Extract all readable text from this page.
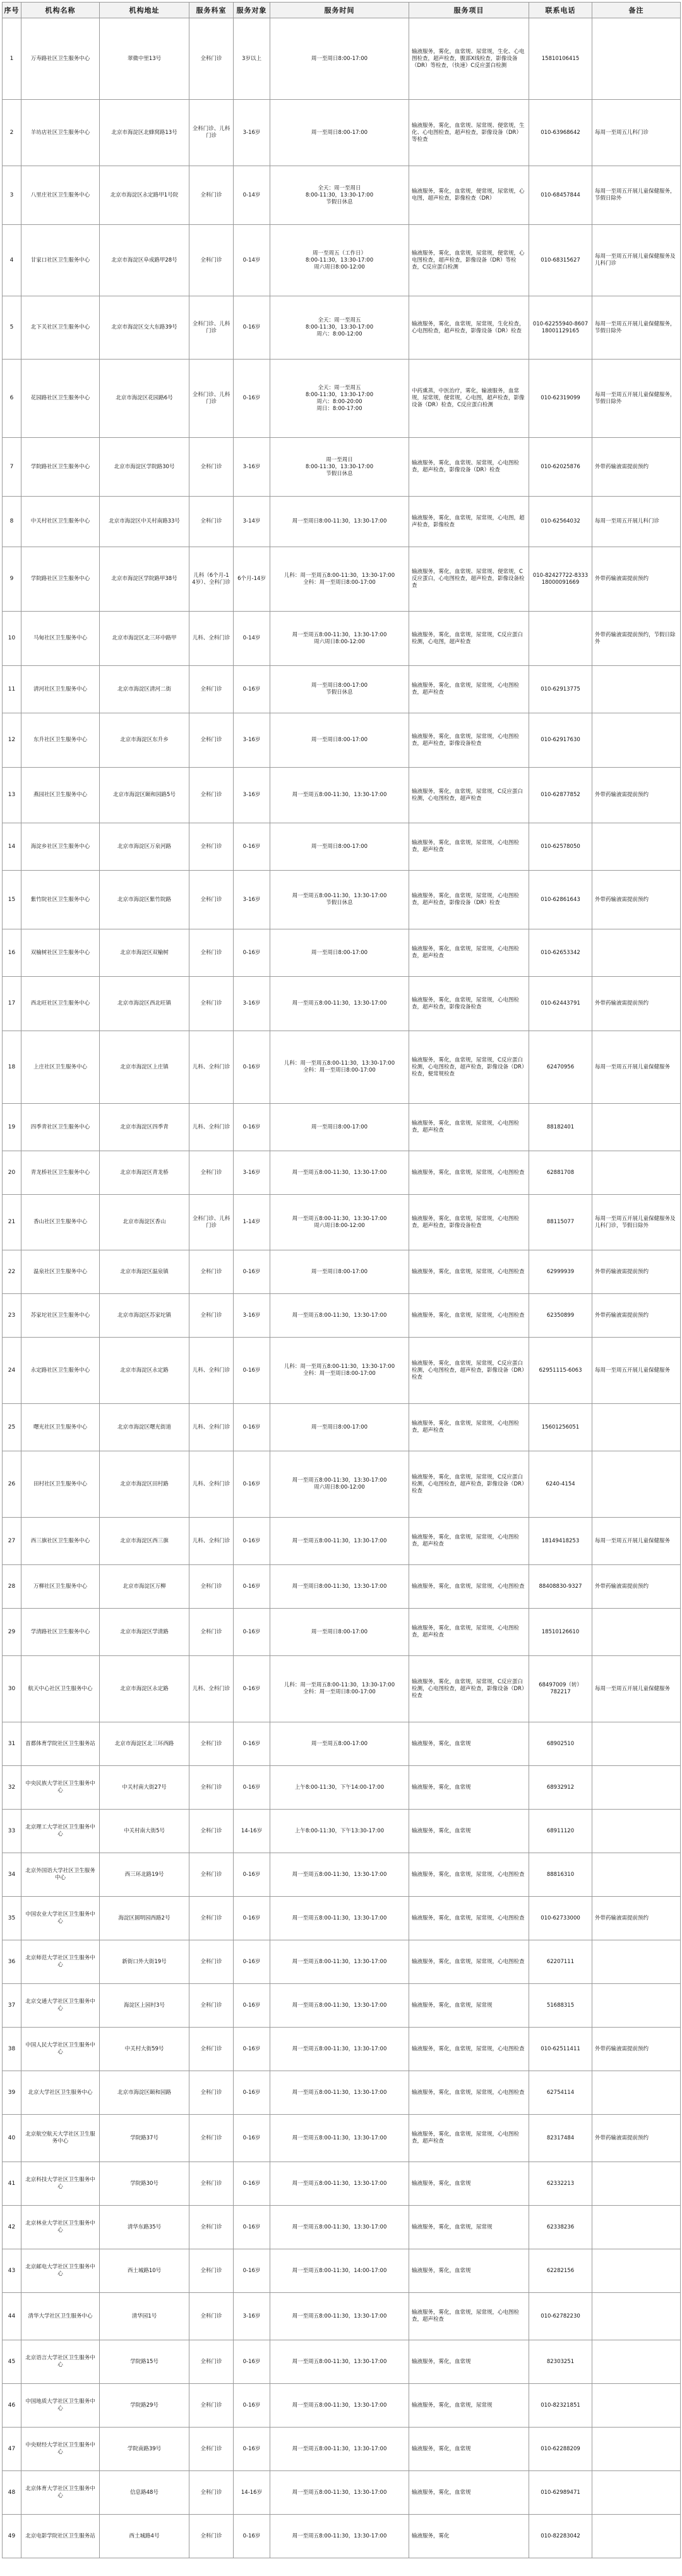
序号	机构名称	机构地址	服务科室	服务对象	服务时间	服务项目	联系电话	备注
1	万寿路社区卫生服务中心	翠微中里13号	全科门诊	3岁以上	周一至周日8:00-17:00	输液服务，雾化，血常规、尿常规，生化、心电图检查，超声检查，腹部X线检查，影像设备（DR）等检查，（快速）C反应蛋白检测	15810106415	
2	羊坊店社区卫生服务中心	北京市海淀区北蜂窝路13号	全科门诊、儿科门诊	3-16岁	周一至周日8:00-17:00	输液服务，雾化，血常规、尿常规、便常规，生化、心电图检查，超声检查，影像设备（DR）等检查	010-63968642	每周一至周五儿科门诊
3	八里庄社区卫生服务中心	北京市海淀区永定路甲1号院	全科门诊	0-14岁	全天：周一至周日
8:00-11:30，13:30-17:00
节假日休息	输液服务，雾化，血常规，便常规，尿常规，心电图，超声检查，影像检查（DR）	010-68457844	每周一至周五开展儿童保健服务，节假日除外
4	甘家口社区卫生服务中心	北京市海淀区阜成路甲28号	全科门诊	0-14岁	周一至周五（工作日）
8:00-11:30，13:30-17:00
周六周日8:00-12:00	输液服务，雾化，血常规，尿常规，便常规，心电图检查，超声检查，影像设备（DR）等检查，C反应蛋白检测	010-68315627	每周一至周五开展儿童保健服务及儿科门诊
5	北下关社区卫生服务中心	北京市海淀区交大东路39号	全科门诊、儿科门诊	0-16岁	全天：周一至周五
8:00-11:30，13:30-17:00
周六：8:00-12:00	输液服务，雾化，血常规，尿常规，生化检查，心电图检查，超声检查，影像设备（DR）检查	010-62255940-8607
18001129165	每周一至周五开展儿童保健服务，节假日除外
6	花园路社区卫生服务中心	北京市海淀区花园路6号	全科门诊、儿科门诊	0-16岁	全天：周一至周五
8:00-11:30，13:30-17:00
周六：8:00-20:00
周日：8:00-17:00	中药熏蒸，中医治疗，雾化，输液服务，血常规，尿常规，便常规，心电图，超声检查，影像设备（DR）检查，C反应蛋白检测	010-62319099	每周一至周五开展儿童保健服务，节假日除外
7	学院路社区卫生服务中心	北京市海淀区学院路30号	全科门诊	3-16岁	周一至周日
8:00-11:30，13:30-17:00
节假日休息	输液服务，雾化，血常规、尿常规，心电图检查，超声检查，影像设备（DR）检查	010-62025876	外带药输液需提前预约
8	中关村社区卫生服务中心	北京市海淀区中关村南路33号	全科门诊	3-14岁	周一至周日8:00-11:30，13:30-17:00	输液服务，雾化，血常规，尿常规，心电图，超声检查，影像检查	010-62564032	每周一至周五开展儿科门诊
9	学院路社区卫生服务中心	北京市海淀区学院路甲38号	儿科（6个月-14岁）、全科门诊	6个月-14岁	儿科：周一至周五8:00-11:30，13:30-17:00
全科：周一至周日8:00-17:00	输液服务，雾化，血常规、尿常规、便常规，C反应蛋白，心电图检查，超声检查，影像设备检查	010-82427722-8333
18000091669	外带药输液需提前预约
10	马甸社区卫生服务中心	北京市海淀区北三环中路甲	儿科、全科门诊	0-14岁	周一至周五8:00-11:30，13:30-17:00
周六周日8:00-12:00	输液服务，雾化，血常规，尿常规，C反应蛋白检测，心电图，超声检查		外带药输液需提前预约，节假日除外
11	清河社区卫生服务中心	北京市海淀区清河二街	全科门诊	0-16岁	周一至周日8:00-17:00
节假日休息	输液服务，雾化，血常规，尿常规，心电图检查，超声检查	010-62913775	
12	东升社区卫生服务中心	北京市海淀区东升乡	全科门诊	3-16岁	周一至周日8:00-17:00	输液服务，雾化，血常规，尿常规，心电图检查，超声检查，影像设备检查	010-62917630	
13	燕园社区卫生服务中心	北京市海淀区颐和园路5号	全科门诊	3-16岁	周一至周五8:00-11:30，13:30-17:00	输液服务，雾化，血常规，尿常规，C反应蛋白检测，心电图检查，超声检查	010-62877852	外带药输液需提前预约
14	海淀乡社区卫生服务中心	北京市海淀区万泉河路	全科门诊	0-16岁	周一至周日8:00-17:00	输液服务，雾化，血常规，尿常规，心电图检查，超声检查	010-62578050	
15	紫竹院社区卫生服务中心	北京市海淀区紫竹院路	全科门诊	3-16岁	周一至周五8:00-11:30，13:30-17:00
节假日休息	输液服务，雾化，血常规，尿常规，心电图检查，超声检查，影像设备（DR）检查	010-62861643	外带药输液需提前预约
16	双榆树社区卫生服务中心	北京市海淀区双榆树	全科门诊	0-16岁	周一至周日8:00-17:00	输液服务，雾化，血常规，尿常规，心电图检查，超声检查	010-62653342	
17	西北旺社区卫生服务中心	北京市海淀区西北旺镇	全科门诊	3-16岁	周一至周五8:00-11:30，13:30-17:00	输液服务，雾化，血常规，尿常规，心电图检查，超声检查，影像设备检查	010-62443791	外带药输液需提前预约
18	上庄社区卫生服务中心	北京市海淀区上庄镇	儿科、全科门诊	0-16岁	儿科：周一至周五8:00-11:30，13:30-17:00
全科：周一至周日8:00-17:00	输液服务，雾化，血常规，尿常规，C反应蛋白检测，心电图检查，超声检查，影像设备（DR）检查，便常规检查	62470956	每周一至周五开展儿童保健服务
19	四季青社区卫生服务中心	北京市海淀区四季青	儿科、全科门诊	0-16岁	周一至周日8:00-17:00	输液服务，雾化，血常规，尿常规，心电图检查，超声检查	88182401	
20	青龙桥社区卫生服务中心	北京市海淀区青龙桥	全科门诊	3-16岁	周一至周五8:00-11:30，13:30-17:00	输液服务，雾化，血常规，尿常规，心电图检查	62881708	
21	香山社区卫生服务中心	北京市海淀区香山	全科门诊、儿科门诊	1-14岁	周一至周五8:00-11:30，13:30-17:00
周六周日8:00-12:00	输液服务，雾化，血常规，尿常规，心电图检查，超声检查，影像设备检查	88115077	每周一至周五开展儿童保健服务及儿科门诊，节假日除外
22	温泉社区卫生服务中心	北京市海淀区温泉镇	全科门诊	0-16岁	周一至周日8:00-17:00	输液服务，雾化，血常规，尿常规，心电图检查	62999939	外带药输液需提前预约
23	苏家坨社区卫生服务中心	北京市海淀区苏家坨镇	全科门诊	3-16岁	周一至周五8:00-11:30，13:30-17:00	输液服务，雾化，血常规，尿常规，心电图检查	62350899	外带药输液需提前预约
24	永定路社区卫生服务中心	北京市海淀区永定路	儿科、全科门诊	0-16岁	儿科：周一至周五8:00-11:30，13:30-17:00
全科：周一至周日8:00-17:00	输液服务，雾化，血常规，尿常规，C反应蛋白检测，心电图检查，超声检查，影像设备（DR）检查	62951115-6063	每周一至周五开展儿童保健服务
25	曙光社区卫生服务中心	北京市海淀区曙光街道	儿科、全科门诊	0-16岁	周一至周日8:00-17:00	输液服务，雾化，血常规，尿常规，心电图检查，超声检查	15601256051	
26	田村社区卫生服务中心	北京市海淀区田村路	儿科、全科门诊	0-16岁	周一至周五8:00-11:30，13:30-17:00
周六周日8:00-12:00	输液服务，雾化，血常规，尿常规，C反应蛋白检测，心电图检查，超声检查，影像设备（DR）检查	6240-4154	
27	西三旗社区卫生服务中心	北京市海淀区西三旗	儿科、全科门诊	0-16岁	周一至周五8:00-11:30，13:30-17:00	输液服务，雾化，血常规，尿常规，心电图检查，超声检查	18149418253	每周一至周五开展儿童保健服务
28	万柳社区卫生服务中心	北京市海淀区万柳	全科门诊	0-16岁	周一至周日8:00-11:30，13:30-17:00	输液服务，雾化，血常规，尿常规，心电图检查	88408830-9327	外带药输液需提前预约
29	学清路社区卫生服务中心	北京市海淀区学清路	全科门诊	0-16岁	周一至周日8:00-17:00	输液服务，雾化，血常规，尿常规，心电图检查，超声检查	18510126610	
30	航天中心社区卫生服务中心	北京市海淀区永定路	儿科、全科门诊	0-16岁	儿科：周一至周五8:00-11:30，13:30-17:00
全科：周一至周日8:00-17:00	输液服务，雾化，血常规，尿常规，C反应蛋白检测，心电图检查，超声检查，影像设备（DR）检查	68497009（转）
782217	每周一至周五开展儿童保健服务
31	首都体育学院社区卫生服务站	北京市海淀区北三环西路	全科门诊	0-16岁	周一至周五8:00-17:00	输液服务，雾化，血常规	68902510	
32	中央民族大学社区卫生服务中心	中关村南大街27号	全科门诊	0-16岁	上午8:00-11:30，下午14:00-17:00	输液服务，雾化，血常规	68932912	
33	北京理工大学社区卫生服务中心	中关村南大街5号	全科门诊	14-16岁	上午8:00-11:30，下午13:30-17:00	输液服务，雾化，血常规	68911120	
34	北京外国语大学社区卫生服务中心	西三环北路19号	全科门诊	0-16岁	周一至周五8:00-11:30，13:30-17:00	输液服务，雾化，血常规，尿常规，心电图检查	88816310	
35	中国农业大学社区卫生服务中心	海淀区圆明园西路2号	全科门诊	0-16岁	周一至周五8:00-11:30，13:30-17:00	输液服务，雾化，血常规，尿常规，心电图检查	010-62733000	外带药输液需提前预约
36	北京师范大学社区卫生服务中心	新街口外大街19号	全科门诊	0-16岁	周一至周五8:00-11:30，13:30-17:00	输液服务，雾化，血常规，尿常规，心电图检查	62207111	
37	北京交通大学社区卫生服务中心	海淀区上园村3号	全科门诊	0-16岁	周一至周五8:00-11:30，13:30-17:00	输液服务，雾化，血常规，尿常规	51688315	
38	中国人民大学社区卫生服务中心	中关村大街59号	全科门诊	0-16岁	周一至周五8:00-11:30，13:30-17:00	输液服务，雾化，血常规，尿常规，心电图检查	010-62511411	外带药输液需提前预约
39	北京大学社区卫生服务中心	北京市海淀区颐和园路	全科门诊	0-16岁	周一至周五8:00-11:30，13:30-17:00	输液服务，雾化，血常规，尿常规，心电图检查	62754114	
40	北京航空航天大学社区卫生服务中心	学院路37号	全科门诊	0-16岁	周一至周五8:00-11:30，13:30-17:00	输液服务，雾化，血常规，尿常规，心电图检查，超声检查	82317484	外带药输液需提前预约
41	北京科技大学社区卫生服务中心	学院路30号	全科门诊	0-16岁	周一至周五8:00-11:30，13:30-17:00	输液服务，雾化，血常规	62332213	
42	北京林业大学社区卫生服务中心	清华东路35号	全科门诊	0-16岁	周一至周五8:00-11:30，13:30-17:00	输液服务，雾化，血常规，尿常规	62338236	
43	北京邮电大学社区卫生服务中心	西土城路10号	全科门诊	0-16岁	周一至周五8:00-11:30，14:00-17:00	输液服务，雾化，血常规	62282156	
44	清华大学社区卫生服务中心	清华园1号	全科门诊	3-16岁	周一至周五8:00-11:30，13:30-17:00	输液服务，雾化，血常规，尿常规，心电图检查，超声检查	010-62782230	
45	北京语言大学社区卫生服务中心	学院路15号	全科门诊	0-16岁	周一至周五8:00-11:30，13:30-17:00	输液服务，雾化，血常规	82303251	
46	中国地质大学社区卫生服务中心	学院路29号	全科门诊	0-16岁	周一至周五8:00-11:30，13:30-17:00	输液服务，雾化，血常规，尿常规	010-82321851	
47	中央财经大学社区卫生服务中心	学院南路39号	全科门诊	0-16岁	周一至周五8:00-11:30，13:30-17:00	输液服务，雾化，血常规	010-62288209	
48	北京体育大学社区卫生服务中心	信息路48号	全科门诊	14-16岁	周一至周五8:00-11:30，13:30-17:00	输液服务，雾化，血常规	010-62989471	
49	北京电影学院社区卫生服务站	西土城路4号	全科门诊	0-16岁	周一至周五8:00-11:30，13:30-17:00	输液服务，雾化	010-82283042	
